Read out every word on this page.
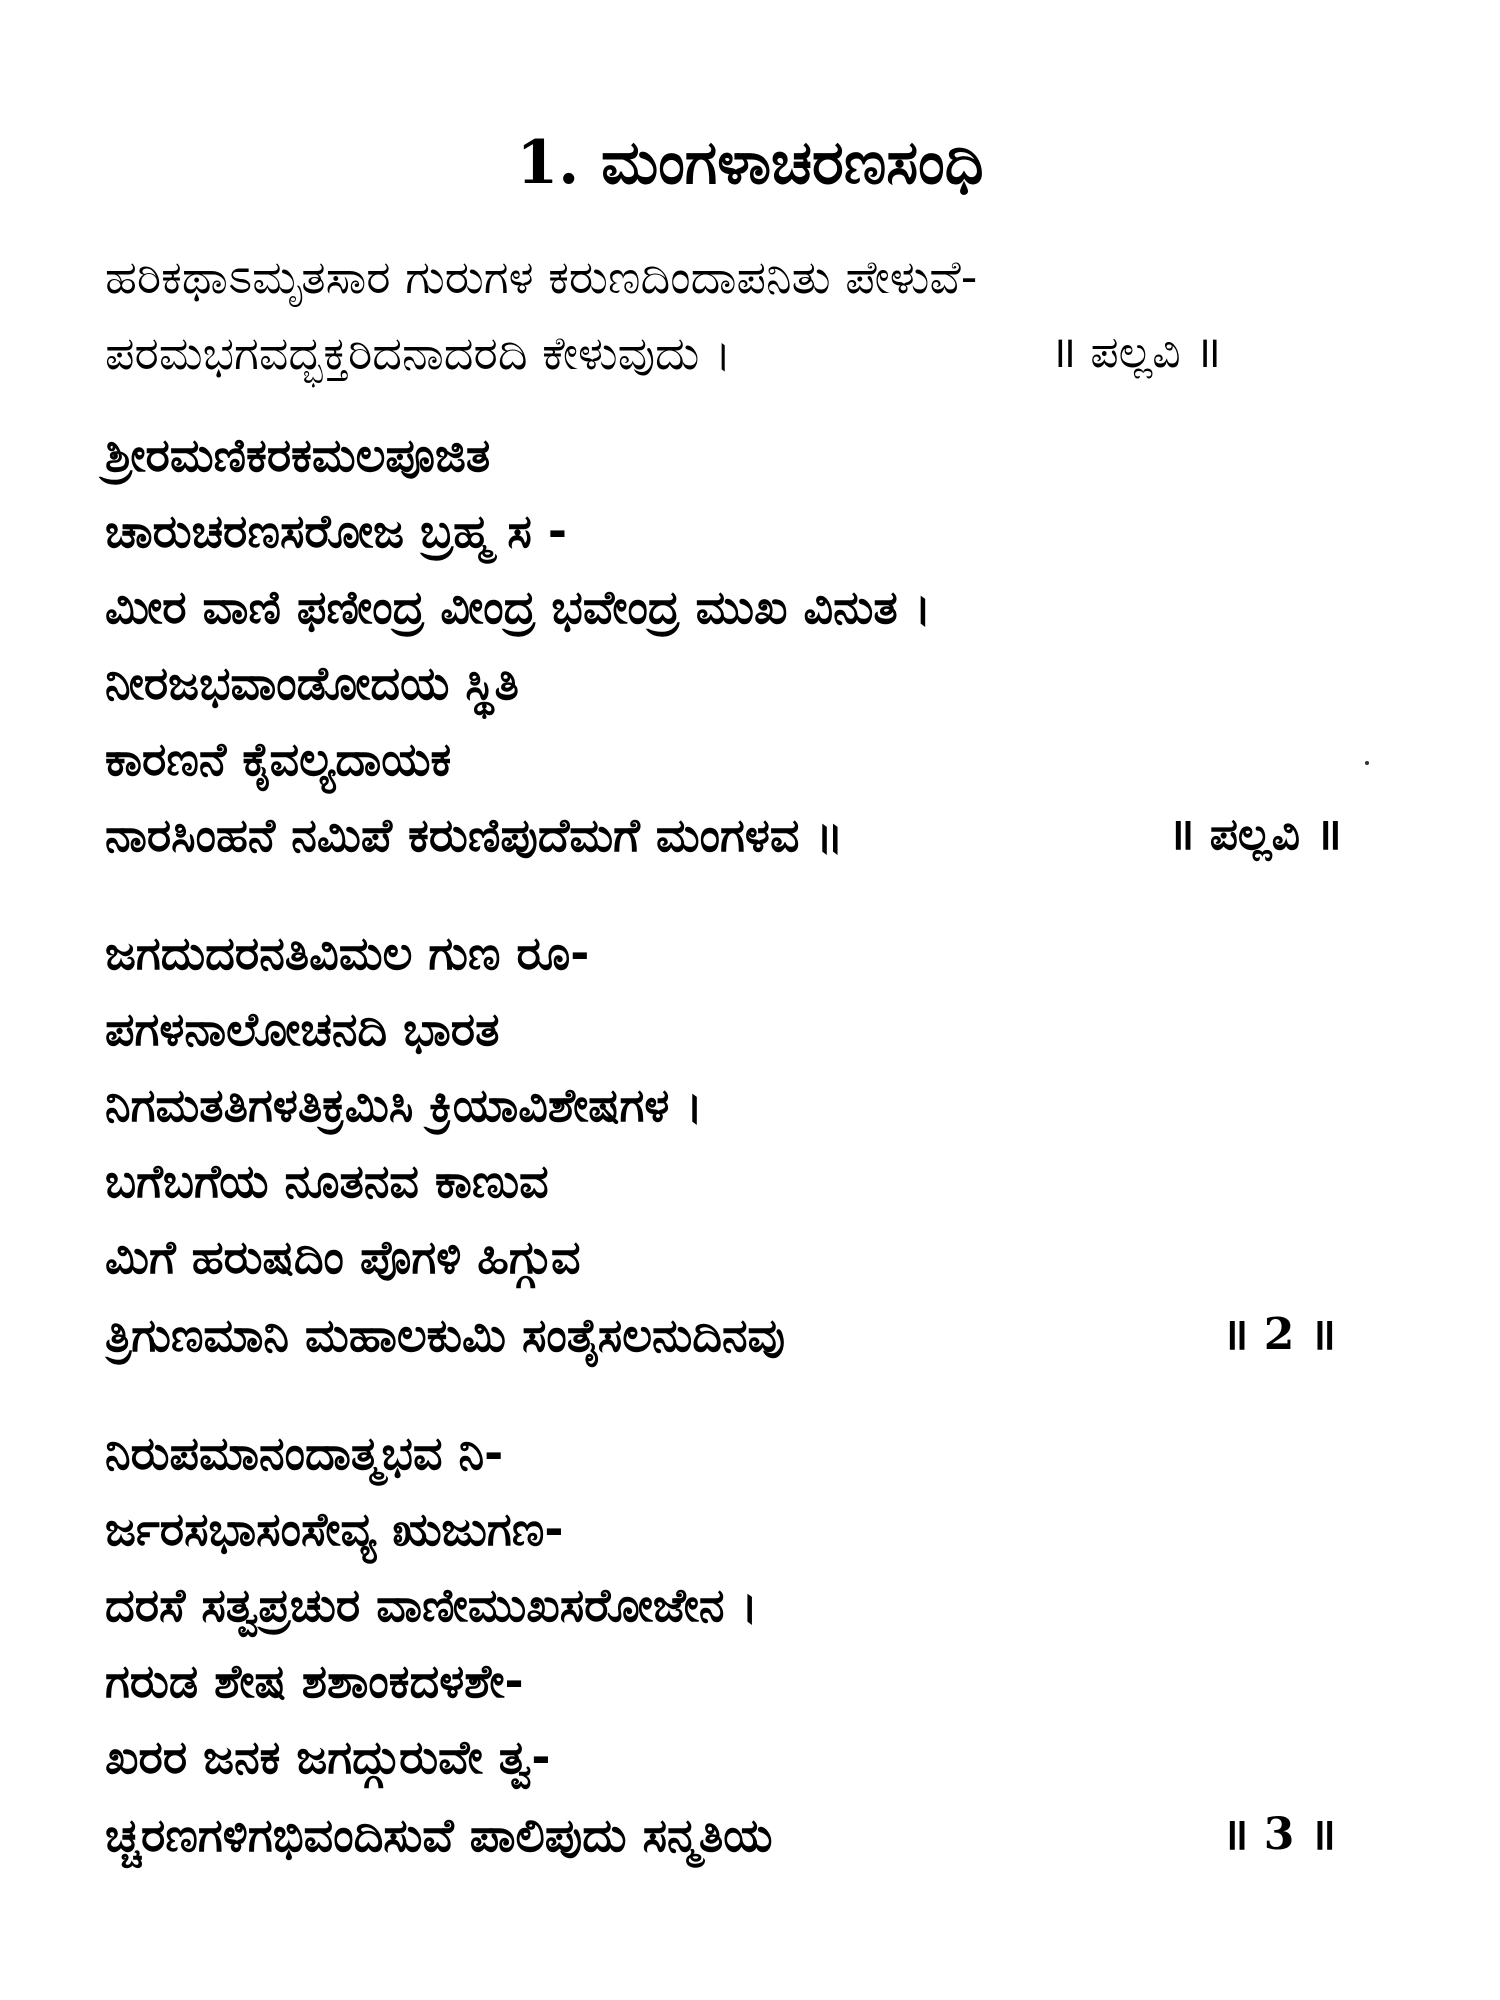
1. ಮಂಗಳಾಚರಣಸಂಧಿ
ಹರಿಕಥಾಽಮೃತಸಾರ ಗುರುಗಳ ಕರುಣದಿಂದಾಪನಿತು ಪೇಳುವೆ-
ಪರಮಭಗವದ್ಭಕ್ತರಿದನಾದರದಿ ಕೇಳುವುದು ।	॥ ಪಲ್ಲವಿ ॥
ಶ್ರೀರಮಣಿಕರಕಮಲಪೂಜಿತ
ಚಾರುಚರಣಸರೋಜ ಬ್ರಹ್ಮ ಸ -
ಮೀರ ವಾಣಿ ಫಣೀಂದ್ರ ವೀಂದ್ರ ಭವೇಂದ್ರ ಮುಖ ವಿನುತ ।
ನೀರಜಭವಾಂಡೋದಯ ಸ್ಥಿತಿ
ಕಾರಣನೆ ಕೈವಲ್ಯದಾಯಕ
ನಾರಸಿಂಹನೆ ನಮಿಪೆ ಕರುಣಿಪುದೆಮಗೆ ಮಂಗಳವ ॥	॥ ಪಲ್ಲವಿ ॥
ಜಗದುದರನತಿವಿಮಲ ಗುಣ ರೂ-
ಪಗಳನಾಲೋಚನದಿ ಭಾರತ
ನಿಗಮತತಿಗಳತಿಕ್ರಮಿಸಿ ಕ್ರಿಯಾವಿಶೇಷಗಳ ।
ಬಗೆಬಗೆಯ ನೂತನವ ಕಾಣುವ
ಮಿಗೆ ಹರುಷದಿಂ ಪೊಗಳಿ ಹಿಗ್ಗುವ
ತ್ರಿಗುಣಮಾನಿ ಮಹಾಲಕುಮಿ ಸಂತೈಸಲನುದಿನವು	॥ 2 ॥
ನಿರುಪಮಾನಂದಾತ್ಮಭವ ನಿ-
ರ್ಜರಸಭಾಸಂಸೇವ್ಯ ಋಜುಗಣ-
ದರಸೆ ಸತ್ವಪ್ರಚುರ ವಾಣೀಮುಖಸರೋಜೇನ ।
ಗರುಡ ಶೇಷ ಶಶಾಂಕದಳಶೇ-
ಖರರ ಜನಕ ಜಗದ್ಗುರುವೇ ತ್ವ-
ಚ್ಚರಣಗಳಿಗಭಿವಂದಿಸುವೆ ಪಾಲಿಪುದು ಸನ್ಮತಿಯ	॥ 3 ॥
